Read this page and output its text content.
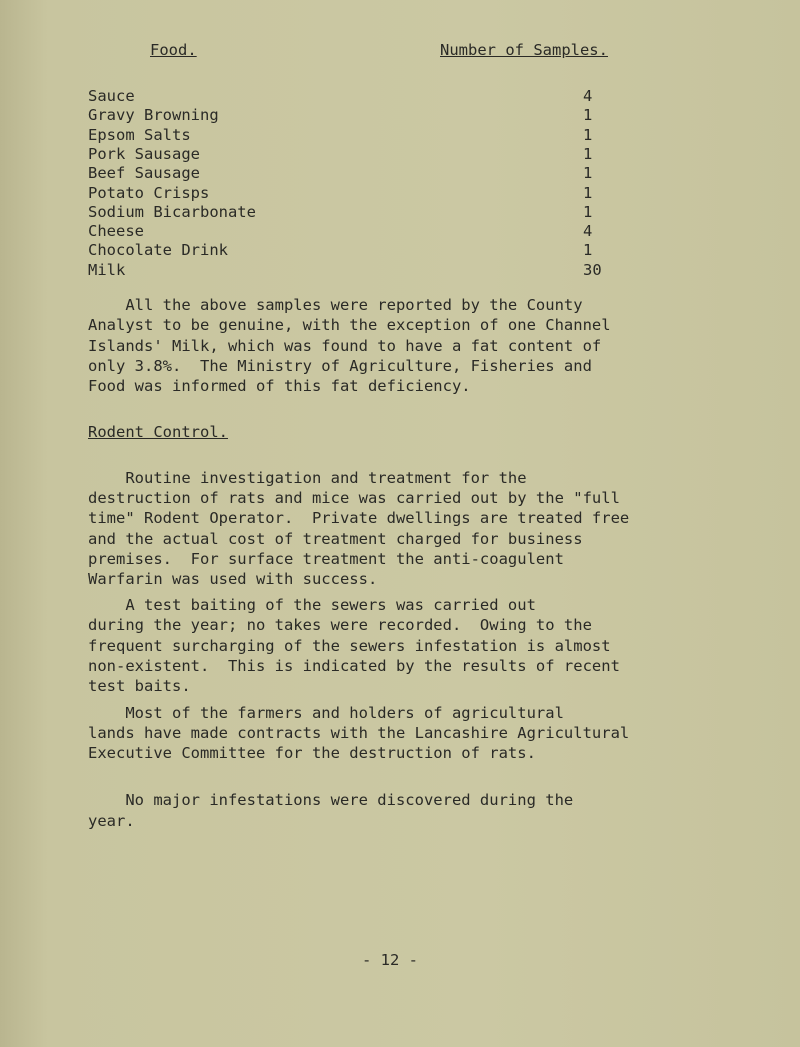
Food.	Number of Samples.
Sauce	4
Gravy Browning	1
Epsom Salts	1
Pork Sausage	1
Beef Sausage	1
Potato Crisps	1
Sodium Bicarbonate	1
Cheese	4
Chocolate Drink	1
Milk	30
All the above samples were reported by the County
Analyst to be genuine, with the exception of one Channel
Islands' Milk, which was found to have a fat content of
only 3.8%.  The Ministry of Agriculture, Fisheries and
Food was informed of this fat deficiency.
Rodent Control.
Routine investigation and treatment for the
destruction of rats and mice was carried out by the "full
time" Rodent Operator.  Private dwellings are treated free
and the actual cost of treatment charged for business
premises.  For surface treatment the anti-coagulent
Warfarin was used with success.
A test baiting of the sewers was carried out
during the year; no takes were recorded.  Owing to the
frequent surcharging of the sewers infestation is almost
non-existent.  This is indicated by the results of recent
test baits.
Most of the farmers and holders of agricultural
lands have made contracts with the Lancashire Agricultural
Executive Committee for the destruction of rats.
No major infestations were discovered during the
year.
- 12 -
